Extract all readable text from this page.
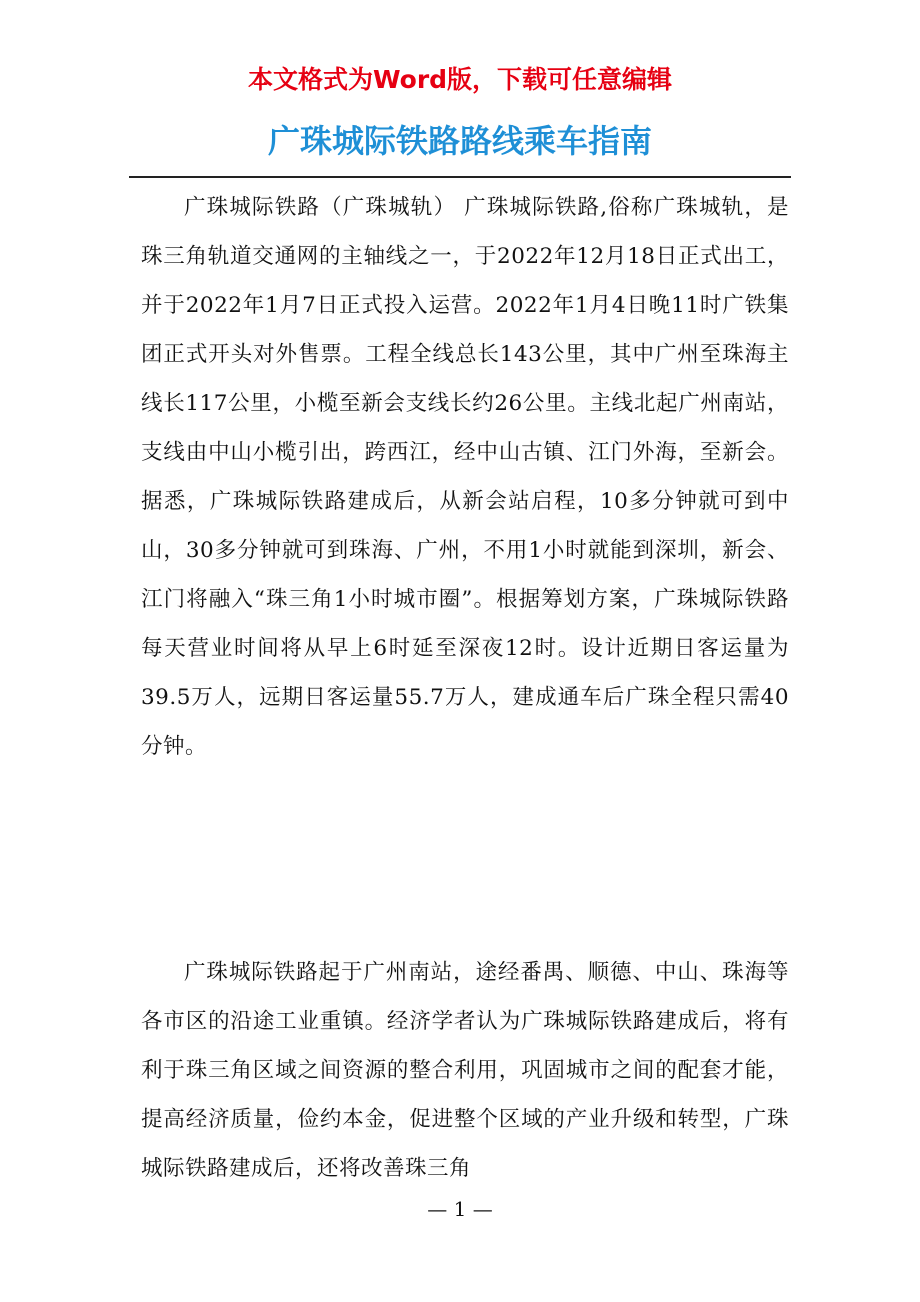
本文格式为Word版，下载可任意编辑
广珠城际铁路路线乘车指南

广珠城际铁路（广珠城轨） 广珠城际铁路,俗称广珠城轨，是珠三角轨道交通网的主轴线之一，于2022年12月18日正式出工，并于2022年1月7日正式投入运营。2022年1月4日晚11时广铁集团正式开头对外售票。工程全线总长143公里，其中广州至珠海主线长117公里，小榄至新会支线长约26公里。主线北起广州南站，支线由中山小榄引出，跨西江，经中山古镇、江门外海，至新会。据悉，广珠城际铁路建成后，从新会站启程，10多分钟就可到中山，30多分钟就可到珠海、广州，不用1小时就能到深圳，新会、江门将融入“珠三角1小时城市圈”。根据筹划方案，广珠城际铁路每天营业时间将从早上6时延至深夜12时。设计近期日客运量为39.5万人，远期日客运量55.7万人，建成通车后广珠全程只需40分钟。

广珠城际铁路起于广州南站，途经番禺、顺德、中山、珠海等各市区的沿途工业重镇。经济学者认为广珠城际铁路建成后，将有利于珠三角区域之间资源的整合利用，巩固城市之间的配套才能，提高经济质量，俭约本金，促进整个区域的产业升级和转型，广珠城际铁路建成后，还将改善珠三角

— 1 —
